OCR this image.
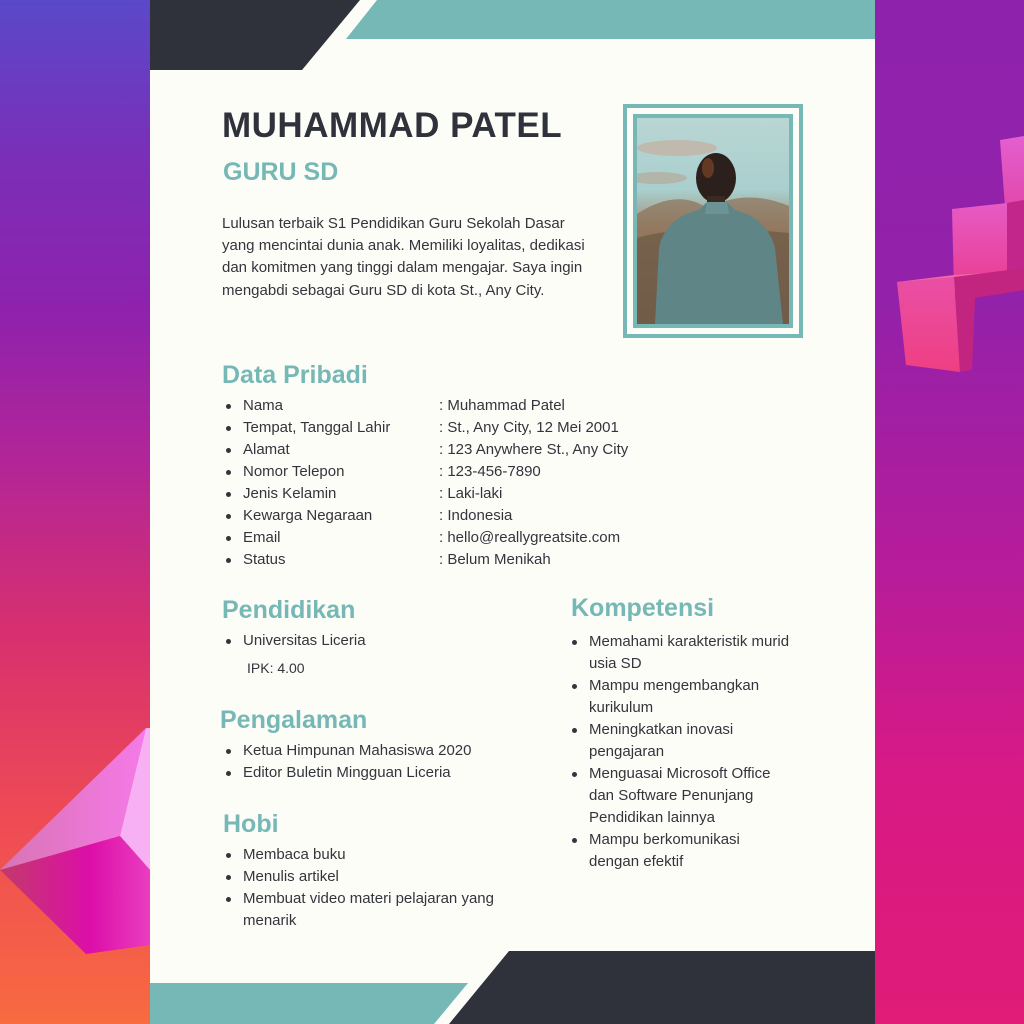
MUHAMMAD PATEL
GURU SD
Lulusan terbaik S1 Pendidikan Guru Sekolah Dasar yang mencintai dunia anak. Memiliki loyalitas, dedikasi dan komitmen yang tinggi dalam mengajar. Saya ingin mengabdi sebagai Guru SD di kota St., Any City.
Data Pribadi
Nama	: Muhammad Patel
Tempat, Tanggal Lahir	: St., Any City, 12 Mei 2001
Alamat	: 123 Anywhere St., Any City
Nomor Telepon	: 123-456-7890
Jenis Kelamin	: Laki-laki
Kewarga Negaraan	: Indonesia
Email	: hello@reallygreatsite.com
Status	: Belum Menikah
Pendidikan
Universitas Liceria
IPK: 4.00
Pengalaman
Ketua Himpunan Mahasiswa 2020
Editor Buletin Mingguan Liceria
Hobi
Membaca buku
Menulis artikel
Membuat video materi pelajaran yang menarik
Kompetensi
Memahami karakteristik murid usia SD
Mampu mengembangkan kurikulum
Meningkatkan inovasi pengajaran
Menguasai Microsoft Office dan Software Penunjang Pendidikan lainnya
Mampu berkomunikasi dengan efektif
